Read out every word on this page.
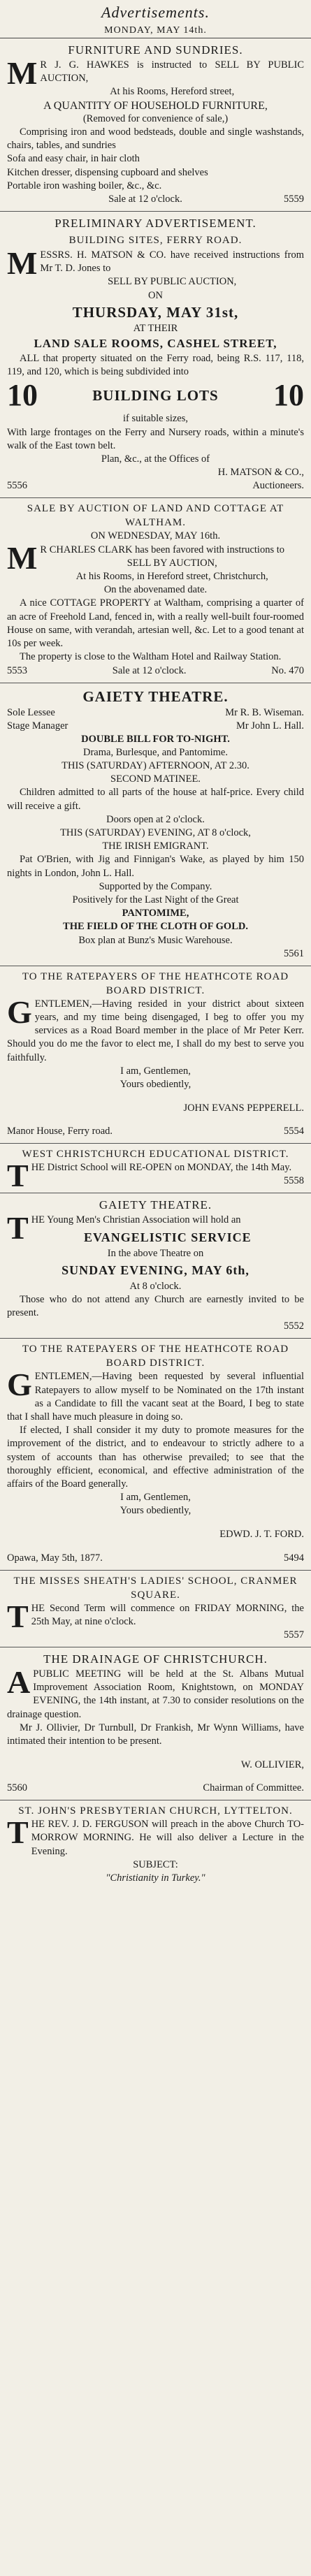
Advertisements.
MONDAY, MAY 14th.
FURNITURE AND SUNDRIES.

MR J. G. HAWKES is instructed to SELL BY PUBLIC AUCTION,

At his Rooms, Hereford street,

A QUANTITY OF HOUSEHOLD FURNITURE,

(Removed for convenience of sale,)

Comprising iron and wood bedsteads, double and single washstands, chairs, tables, and sundries

Sofa and easy chair, in hair cloth

Kitchen dresser, dispensing cupboard and shelves

Portable iron washing boiler, &c., &c.

Sale at 12 o'clock.	5559
PRELIMINARY ADVERTISEMENT.
BUILDING SITES, FERRY ROAD.

MESSRS. H. MATSON & CO. have received instructions from Mr T. D. Jones to

SELL BY PUBLIC AUCTION,

ON

THURSDAY, MAY 31st,

AT THEIR

LAND SALE ROOMS, CASHEL STREET,

ALL that property situated on the Ferry road, being R.S. 117, 118, 119, and 120, which is being subdivided into

10	BUILDING LOTS 10

if suitable sizes,

With large frontages on the Ferry and Nursery roads, within a minute's walk of the East town belt.

Plan, &c., at the Offices of

H. MATSON & CO.,

5556	Auctioneers.
SALE BY AUCTION OF LAND AND COTTAGE AT WALTHAM.

ON WEDNESDAY, MAY 16th.

MR CHARLES CLARK has been favored with instructions to

SELL BY AUCTION,

At his Rooms, in Hereford street, Christchurch,

On the abovenamed date.

A nice COTTAGE PROPERTY at Waltham, comprising a quarter of an acre of Freehold Land, fenced in, with a really well-built four-roomed House on same, with verandah, artesian well, &c. Let to a good tenant at 10s per week.

The property is close to the Waltham Hotel and Railway Station.

5553	Sale at 12 o'clock.	No. 470
GAIETY THEATRE.
Sole Lessee	Mr R. B. Wiseman.
Stage Manager	Mr John L. Hall.

DOUBLE BILL FOR TO-NIGHT.

Drama, Burlesque, and Pantomime.

THIS (SATURDAY) AFTERNOON, AT 2.30.

SECOND MATINEE.

Children admitted to all parts of the house at half-price. Every child will receive a gift.

Doors open at 2 o'clock.

THIS (SATURDAY) EVENING, AT 8 o'clock,

THE IRISH EMIGRANT.

Pat O'Brien, with Jig and Finnigan's Wake, as played by him 150 nights in London, John L. Hall.

Supported by the Company.

Positively for the Last Night of the Great

PANTOMIME,

THE FIELD OF THE CLOTH OF GOLD.

Box plan at Bunz's Music Warehouse.

5561
TO THE RATEPAYERS OF THE HEATHCOTE ROAD BOARD DISTRICT.

GENTLEMEN,—Having resided in your district about sixteen years, and my time being disengaged, I beg to offer you my services as a Road Board member in the place of Mr Peter Kerr. Should you do me the favor to elect me, I shall do my best to serve you faithfully.

I am, Gentlemen,

Yours obediently,

JOHN EVANS PEPPERELL.

Manor House, Ferry road.	5554
WEST CHRISTCHURCH EDUCATIONAL DISTRICT.

THE District School will RE-OPEN on MONDAY, the 14th May.

5558
GAIETY THEATRE.

THE Young Men's Christian Association will hold an

EVANGELISTIC SERVICE

In the above Theatre on

SUNDAY EVENING, MAY 6th,

At 8 o'clock.

Those who do not attend any Church are earnestly invited to be present.

5552
TO THE RATEPAYERS OF THE HEATHCOTE ROAD BOARD DISTRICT.

GENTLEMEN,—Having been requested by several influential Ratepayers to allow myself to be Nominated on the 17th instant as a Candidate to fill the vacant seat at the Board, I beg to state that I shall have much pleasure in doing so.

If elected, I shall consider it my duty to promote measures for the improvement of the district, and to endeavour to strictly adhere to a system of accounts than has otherwise prevailed; to see that the thoroughly efficient, economical, and effective administration of the affairs of the Board generally.

I am, Gentlemen,

Yours obediently,

EDWD. J. T. FORD.

Opawa, May 5th, 1877.	5494
THE MISSES SHEATH'S LADIES' SCHOOL, CRANMER SQUARE.

THE Second Term will commence on FRIDAY MORNING, the 25th May, at nine o'clock.

5557
THE DRAINAGE OF CHRISTCHURCH.

APUBLIC MEETING will be held at the St. Albans Mutual Improvement Association Room, Knightstown, on MONDAY EVENING, the 14th instant, at 7.30 to consider resolutions on the drainage question.

Mr J. Ollivier, Dr Turnbull, Dr Frankish, Mr Wynn Williams, have intimated their intention to be present.

W. OLLIVIER,

5560	Chairman of Committee.
ST. JOHN'S PRESBYTERIAN CHURCH, LYTTELTON.

THE REV. J. D. FERGUSON will preach in the above Church TO-MORROW MORNING. He will also deliver a Lecture in the Evening.

SUBJECT:

"Christianity in Turkey."
